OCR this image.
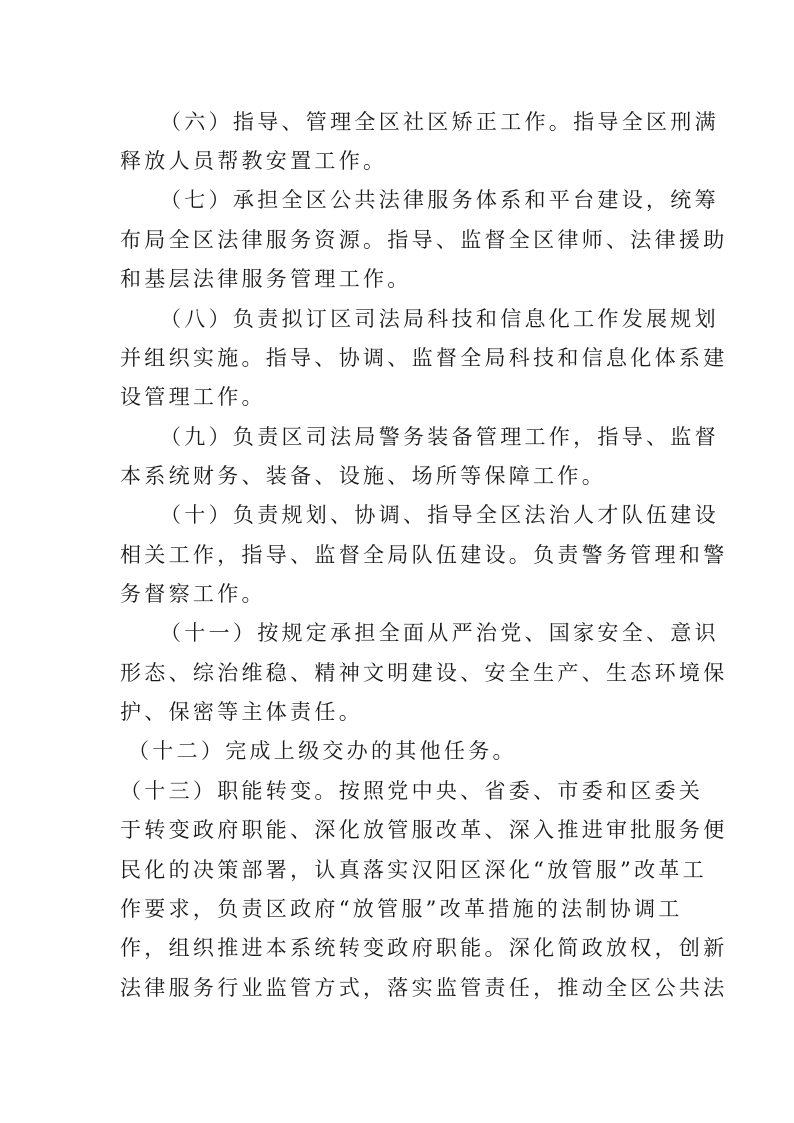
（六）指导、管理全区社区矫正工作。指导全区刑满
释放人员帮教安置工作。
（七）承担全区公共法律服务体系和平台建设，统筹
布局全区法律服务资源。指导、监督全区律师、法律援助
和基层法律服务管理工作。
（八）负责拟订区司法局科技和信息化工作发展规划
并组织实施。指导、协调、监督全局科技和信息化体系建
设管理工作。
（九）负责区司法局警务装备管理工作，指导、监督
本系统财务、装备、设施、场所等保障工作。
（十）负责规划、协调、指导全区法治人才队伍建设
相关工作，指导、监督全局队伍建设。负责警务管理和警
务督察工作。
（十一）按规定承担全面从严治党、国家安全、意识
形态、综治维稳、精神文明建设、安全生产、生态环境保
护、保密等主体责任。
（十二）完成上级交办的其他任务。
（十三）职能转变。按照党中央、省委、市委和区委关
于转变政府职能、深化放管服改革、深入推进审批服务便
民化的决策部署，认真落实汉阳区深化“放管服”改革工
作要求，负责区政府“放管服”改革措施的法制协调工
作，组织推进本系统转变政府职能。深化简政放权，创新
法律服务行业监管方式，落实监管责任，推动全区公共法
